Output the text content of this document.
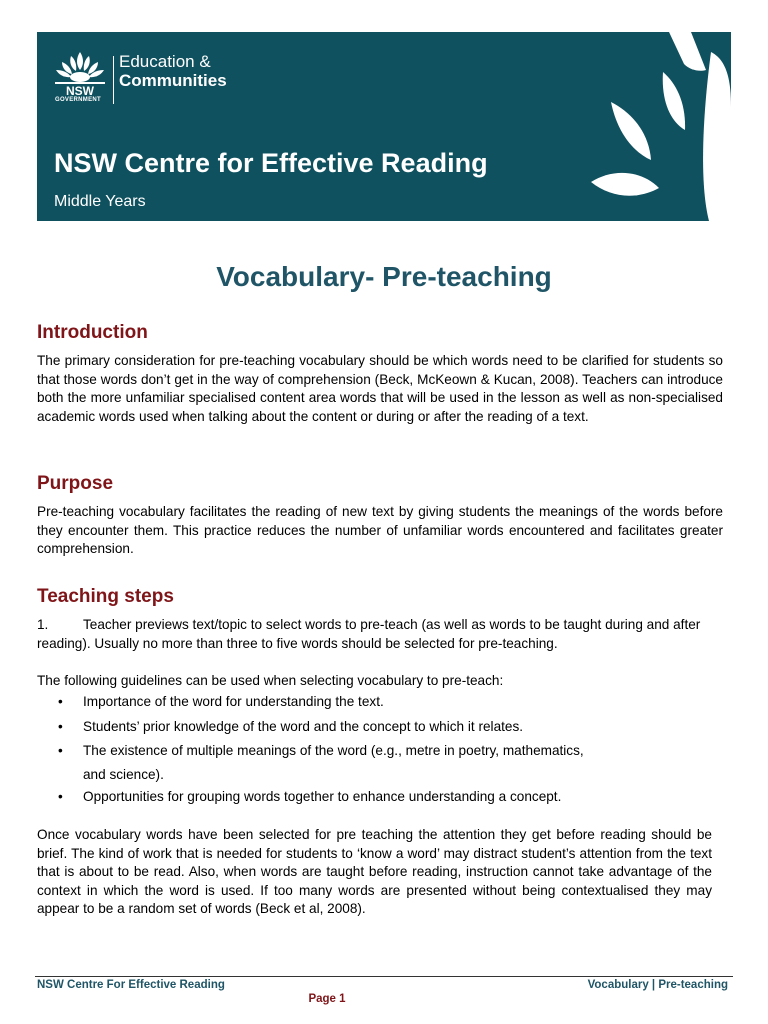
NSW
GOVERNMENT
Education &
Communities
NSW Centre for Effective Reading
Middle Years
Vocabulary- Pre-teaching
Introduction

The primary consideration for pre-teaching vocabulary should be which words need to be clarified for students so that those words don’t get in the way of comprehension (Beck, McKeown & Kucan, 2008). Teachers can introduce both the more unfamiliar specialised content area words that will be used in the lesson as well as non-specialised academic words used when talking about the content or during or after the reading of a text.

Purpose

Pre-teaching vocabulary facilitates the reading of new text by giving students the meanings of the words before they encounter them. This practice reduces the number of unfamiliar words encountered and facilitates greater comprehension.

Teaching steps
1.	Teacher previews text/topic to select words to pre-teach (as well as words to be taught during and after reading). Usually no more than three to five words should be selected for pre-teaching.
The following guidelines can be used when selecting vocabulary to pre-teach:
• Importance of the word for understanding the text.
• Students’ prior knowledge of the word and the concept to which it relates.
• The existence of multiple meanings of the word (e.g., metre in poetry, mathematics,
and science).
• Opportunities for grouping words together to enhance understanding a concept.

Once vocabulary words have been selected for pre teaching the attention they get before reading should be brief. The kind of work that is needed for students to ‘know a word’ may distract student’s attention from the text that is about to be read. Also, when words are taught before reading, instruction cannot take advantage of the context in which the word is used. If too many words are presented without being contextualised they may appear to be a random set of words (Beck et al, 2008).

NSW Centre For Effective Reading	Vocabulary | Pre-teaching
Page 1
